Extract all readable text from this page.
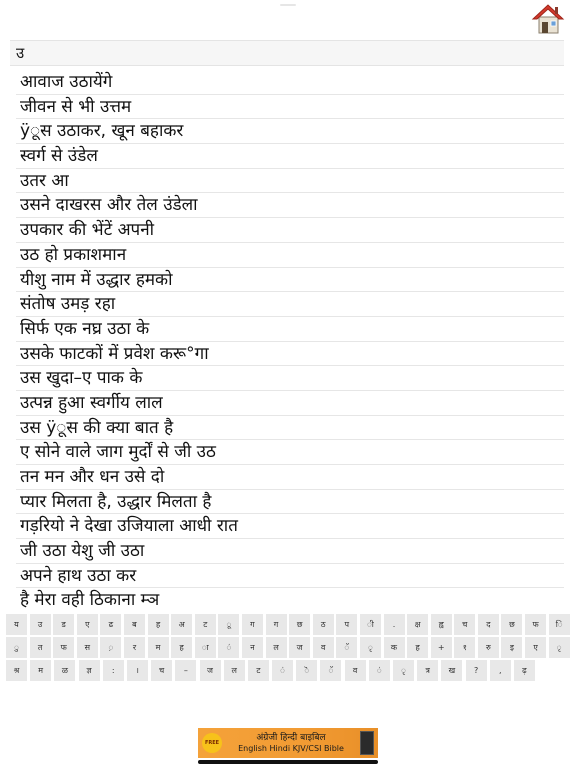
उ
आवाज उठायेंगे
जीवन से भी उत्तम
ÿूस उठाकर, खून बहाकर
स्वर्ग से उंडेल
उतर आ
उसने दाखरस और तेल उंडेला
उपकार की भेंटें अपनी
उठ हो प्रकाशमान
यीशु नाम में उद्धार हमको
संतोष उमड़ रहा
सिर्फ एक नघ्र उठा के
उसके फाटकों में प्रवेश करू°गा
उस खुदा–ए पाक के
उत्पन्न हुआ स्वर्गीय लाल
उस ÿूस की क्या बात है
ए सोने वाले जाग मुर्दों से जी उठ
तन मन और धन उसे दो
प्यार मिलता है, उद्धार मिलता है
गड़रियो ने देखा उजियाला आधी रात
जी उठा येशु जी उठा
अपने हाथ उठा कर
है मेरा वही ठिकाना म्ञ
य	उ	ड	ए	ढ	ब	ह	अ	ट	ू	ग	ग	छ	ठ	प	ी	.	क्ष	ह्व	च	द	छ	फ	ि
ु	त	फ	स	़	र	म	ह	ा	ं	न	ल	ज	व	ॅ	ृ	क	ह	+	१	रु	इ	ए	ृ
श्र	म	ळ	ज्ञ	:	।	च	–	ज	ल	ट	ं	ॆ	ॅ	व	ं	ृ	त्र	ख	?	,	ढ़
FREE
अंग्रेजी हिन्दी बाइबिल
English Hindi KJV/CSI Bible
